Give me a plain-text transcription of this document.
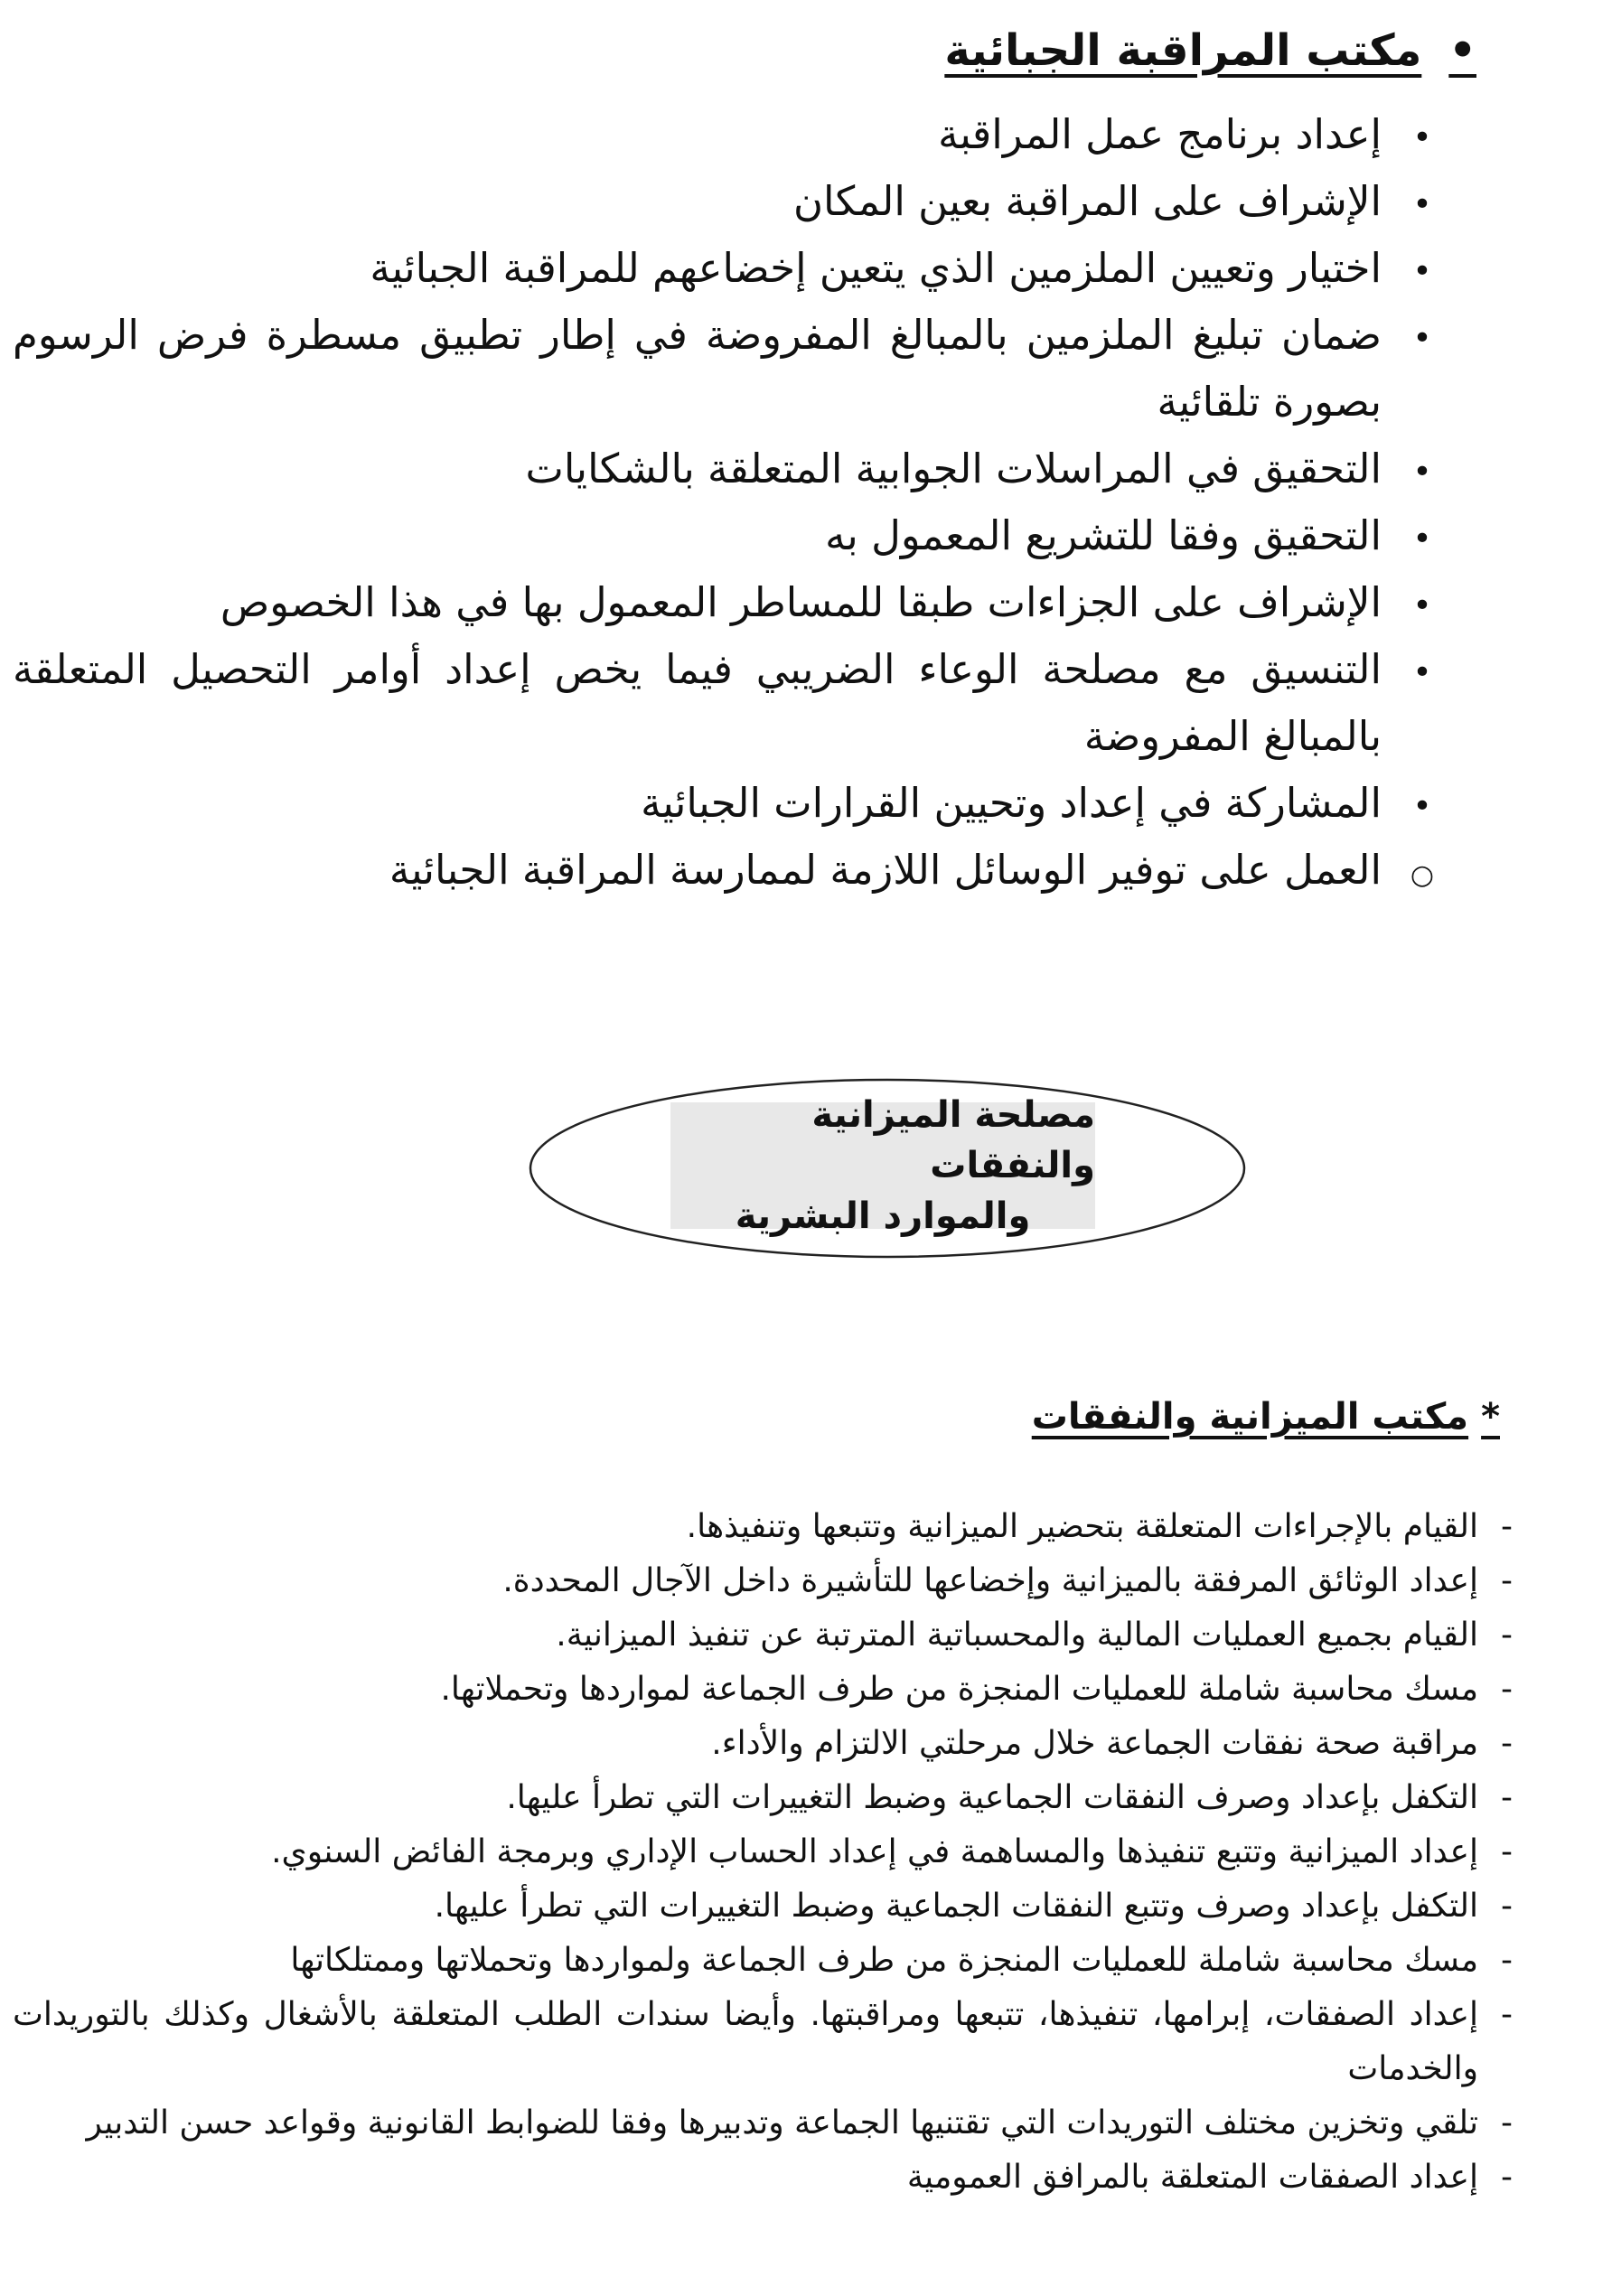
•
مكتب المراقبة الجبائية
•
إعداد برنامج عمل المراقبة
•
الإشراف على المراقبة بعين المكان
•
اختيار وتعيين الملزمين الذي يتعين إخضاعهم للمراقبة الجبائية
•
ضمان تبليغ الملزمين بالمبالغ المفروضة في إطار تطبيق مسطرة فرض الرسوم بصورة تلقائية
•
التحقيق في المراسلات الجوابية المتعلقة بالشكايات
•
التحقيق وفقا للتشريع المعمول به
•
الإشراف على الجزاءات طبقا للمساطر المعمول بها في هذا الخصوص
•
التنسيق مع مصلحة الوعاء الضريبي فيما يخص إعداد أوامر التحصيل المتعلقة بالمبالغ المفروضة
•
المشاركة في إعداد وتحيين القرارات الجبائية
○
العمل على توفير الوسائل اللازمة لممارسة المراقبة الجبائية
مصلحة الميزانية والنفقات
والموارد البشرية
*
مكتب الميزانية والنفقات
-
القيام بالإجراءات المتعلقة بتحضير الميزانية وتتبعها وتنفيذها.
-
إعداد الوثائق المرفقة بالميزانية وإخضاعها للتأشيرة داخل الآجال المحددة.
-
القيام بجميع العمليات المالية والمحسباتية المترتبة عن تنفيذ الميزانية.
-
مسك محاسبة شاملة للعمليات المنجزة من طرف الجماعة لمواردها وتحملاتها.
-
مراقبة صحة نفقات الجماعة خلال مرحلتي الالتزام والأداء.
-
التكفل بإعداد وصرف النفقات الجماعية وضبط التغييرات التي تطرأ عليها.
-
إعداد الميزانية وتتبع تنفيذها والمساهمة في إعداد الحساب الإداري وبرمجة الفائض السنوي.
-
التكفل بإعداد وصرف وتتبع النفقات الجماعية وضبط التغييرات التي تطرأ عليها.
-
مسك محاسبة شاملة للعمليات المنجزة من طرف الجماعة ولمواردها وتحملاتها وممتلكاتها
-
إعداد الصفقات، إبرامها، تنفيذها، تتبعها ومراقبتها. وأيضا سندات الطلب المتعلقة بالأشغال وكذلك بالتوريدات والخدمات
-
تلقي وتخزين مختلف التوريدات التي تقتنيها الجماعة وتدبيرها وفقا للضوابط القانونية وقواعد حسن التدبير
-
إعداد الصفقات المتعلقة بالمرافق العمومية
